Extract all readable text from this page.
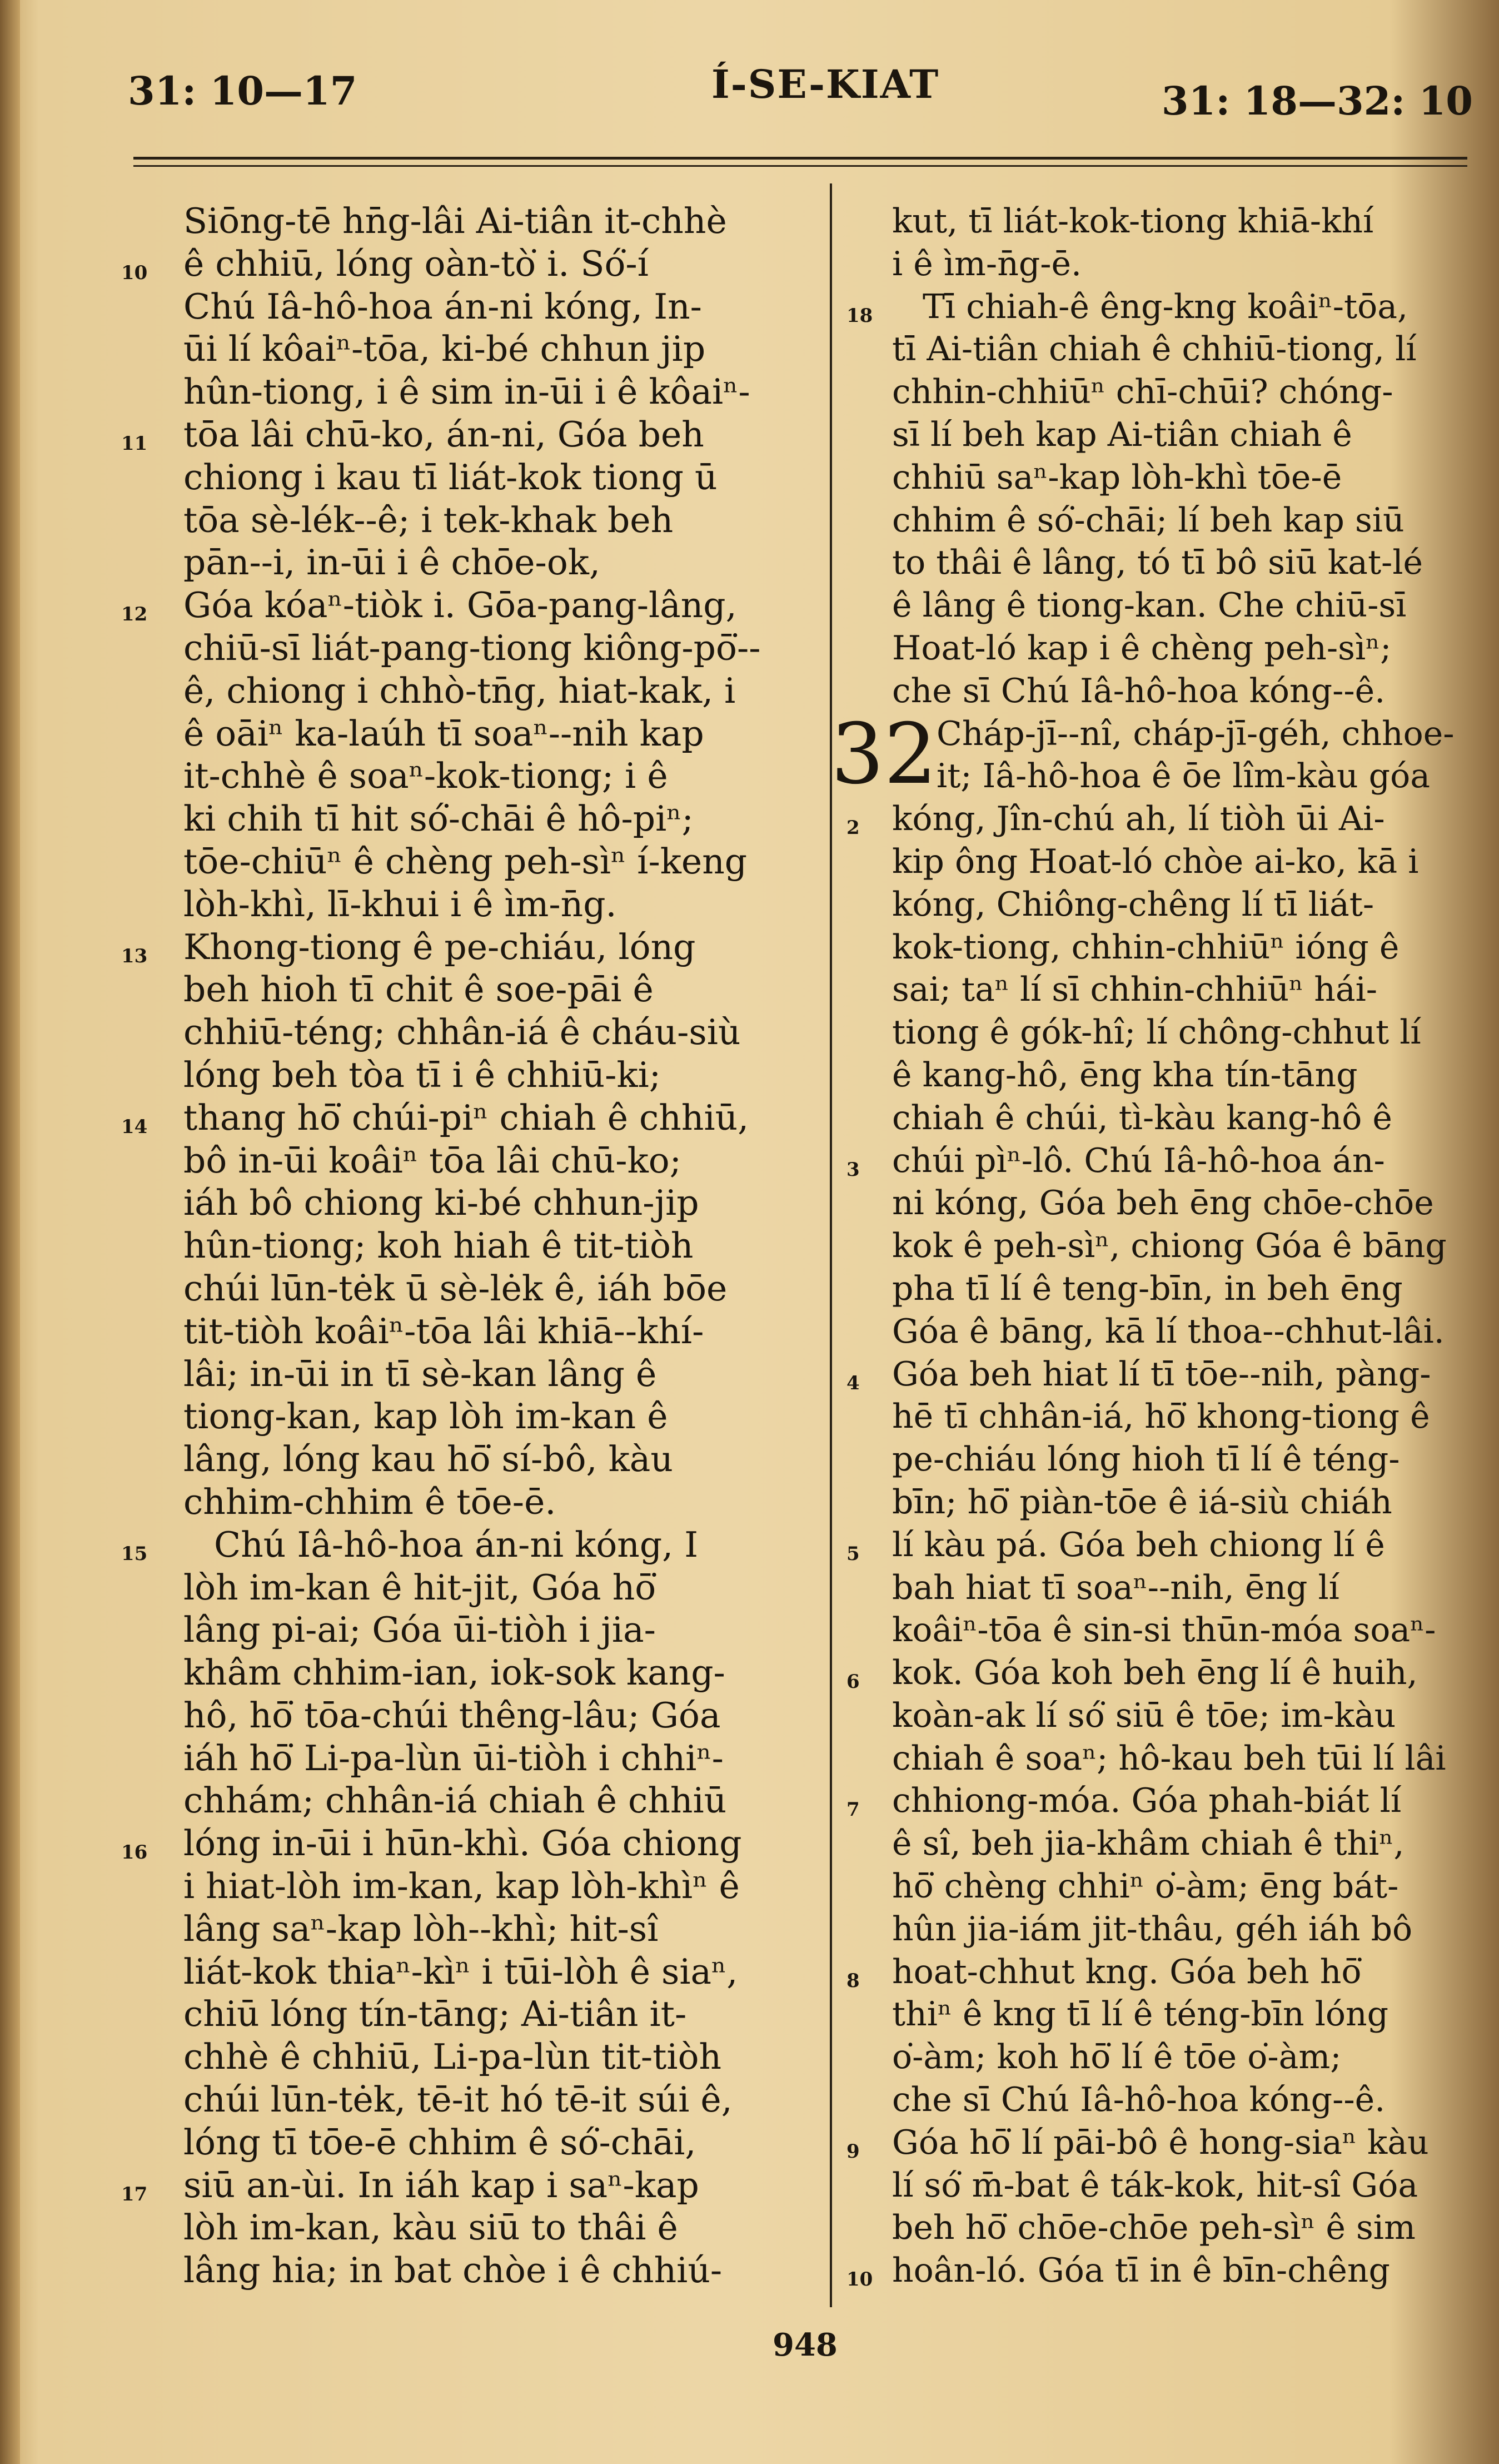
31: 10—17	Í-SE-KIAT	31: 18—32: 10
Siōng-tē hn̄g-lâi Ai-tiân it-chhè
10 ê chhiū, lóng oàn-tò͘ i. Só͘-í
Chú Iâ-hô-hoa án-ni kóng, In-
ūi lí kôaiⁿ-tōa, ki-bé chhun jip
hûn-tiong, i ê sim in-ūi i ê kôaiⁿ-
11 tōa lâi chū-ko, án-ni, Góa beh
chiong i kau tī liát-kok tiong ū
tōa sè-lék--ê; i tek-khak beh
pān--i, in-ūi i ê chōe-ok,
12 Góa kóaⁿ-tiòk i. Gōa-pang-lâng,
chiū-sī liát-pang-tiong kiông-pō͘--
ê, chiong i chhò-tn̄g, hiat-kak, i
ê oāiⁿ ka-laúh tī soaⁿ--nih kap
it-chhè ê soaⁿ-kok-tiong; i ê
ki chih tī hit só͘-chāi ê hô-piⁿ;
tōe-chiūⁿ ê chèng peh-sìⁿ í-keng
lòh-khì, lī-khui i ê ìm-n̄g.
13 Khong-tiong ê pe-chiáu, lóng
beh hioh tī chit ê soe-pāi ê
chhiū-téng; chhân-iá ê cháu-siù
lóng beh tòa tī i ê chhiū-ki;
14 thang hō͘ chúi-piⁿ chiah ê chhiū,
bô in-ūi koâiⁿ tōa lâi chū-ko;
iáh bô chiong ki-bé chhun-jip
hûn-tiong; koh hiah ê tit-tiòh
chúi lūn-tėk ū sè-lėk ê, iáh bōe
tit-tiòh koâiⁿ-tōa lâi khiā--khí-
lâi; in-ūi in tī sè-kan lâng ê
tiong-kan, kap lòh im-kan ê
lâng, lóng kau hō͘ sí-bô, kàu
chhim-chhim ê tōe-ē.
15 Chú Iâ-hô-hoa án-ni kóng, I
lòh im-kan ê hit-jit, Góa hō͘
lâng pi-ai; Góa ūi-tiòh i jia-
khâm chhim-ian, iok-sok kang-
hô, hō͘ tōa-chúi thêng-lâu; Góa
iáh hō͘ Li-pa-lùn ūi-tiòh i chhiⁿ-
chhám; chhân-iá chiah ê chhiū
16 lóng in-ūi i hūn-khì. Góa chiong
i hiat-lòh im-kan, kap lòh-khìⁿ ê
lâng saⁿ-kap lòh--khì; hit-sî
liát-kok thiaⁿ-kìⁿ i tūi-lòh ê siaⁿ,
chiū lóng tín-tāng; Ai-tiân it-
chhè ê chhiū, Li-pa-lùn tit-tiòh
chúi lūn-tėk, tē-it hó tē-it súi ê,
lóng tī tōe-ē chhim ê só͘-chāi,
17 siū an-ùi. In iáh kap i saⁿ-kap
lòh im-kan, kàu siū to thâi ê
lâng hia; in bat chòe i ê chhiú-
kut, tī liát-kok-tiong khiā-khí
i ê ìm-n̄g-ē.
18 Tī chiah-ê êng-kng koâiⁿ-tōa,
tī Ai-tiân chiah ê chhiū-tiong, lí
chhin-chhiūⁿ chī-chūi? chóng-
sī lí beh kap Ai-tiân chiah ê
chhiū saⁿ-kap lòh-khì tōe-ē
chhim ê só͘-chāi; lí beh kap siū
to thâi ê lâng, tó tī bô siū kat-lé
ê lâng ê tiong-kan. Che chiū-sī
Hoat-ló kap i ê chèng peh-sìⁿ;
che sī Chú Iâ-hô-hoa kóng--ê.
32 Cháp-jī--nî, cháp-jī-géh, chhoe-
it; Iâ-hô-hoa ê ōe lîm-kàu góa
2 kóng, Jîn-chú ah, lí tiòh ūi Ai-
kip ông Hoat-ló chòe ai-ko, kā i
kóng, Chiông-chêng lí tī liát-
kok-tiong, chhin-chhiūⁿ ióng ê
sai; taⁿ lí sī chhin-chhiūⁿ hái-
tiong ê gók-hî; lí chông-chhut lí
ê kang-hô, ēng kha tín-tāng
chiah ê chúi, tì-kàu kang-hô ê
3 chúi pìⁿ-lô. Chú Iâ-hô-hoa án-
ni kóng, Góa beh ēng chōe-chōe
kok ê peh-sìⁿ, chiong Góa ê bāng
pha tī lí ê teng-bīn, in beh ēng
Góa ê bāng, kā lí thoa--chhut-lâi.
4 Góa beh hiat lí tī tōe--nih, pàng-
hē tī chhân-iá, hō͘ khong-tiong ê
pe-chiáu lóng hioh tī lí ê téng-
bīn; hō͘ piàn-tōe ê iá-siù chiáh
5 lí kàu pá. Góa beh chiong lí ê
bah hiat tī soaⁿ--nih, ēng lí
koâiⁿ-tōa ê sin-si thūn-móa soaⁿ-
6 kok. Góa koh beh ēng lí ê huih,
koàn-ak lí só͘ siū ê tōe; im-kàu
chiah ê soaⁿ; hô-kau beh tūi lí lâi
7 chhiong-móa. Góa phah-biát lí
ê sî, beh jia-khâm chiah ê thiⁿ,
hō͘ chèng chhiⁿ o͘-àm; ēng bát-
hûn jia-iám jit-thâu, géh iáh bô
8 hoat-chhut kng. Góa beh hō͘
thiⁿ ê kng tī lí ê téng-bīn lóng
o͘-àm; koh hō͘ lí ê tōe o͘-àm;
che sī Chú Iâ-hô-hoa kóng--ê.
9 Góa hō͘ lí pāi-bô ê hong-siaⁿ kàu
lí só͘ m̄-bat ê ták-kok, hit-sî Góa
beh hō͘ chōe-chōe peh-sìⁿ ê sim
10 hoân-ló. Góa tī in ê bīn-chêng
948
